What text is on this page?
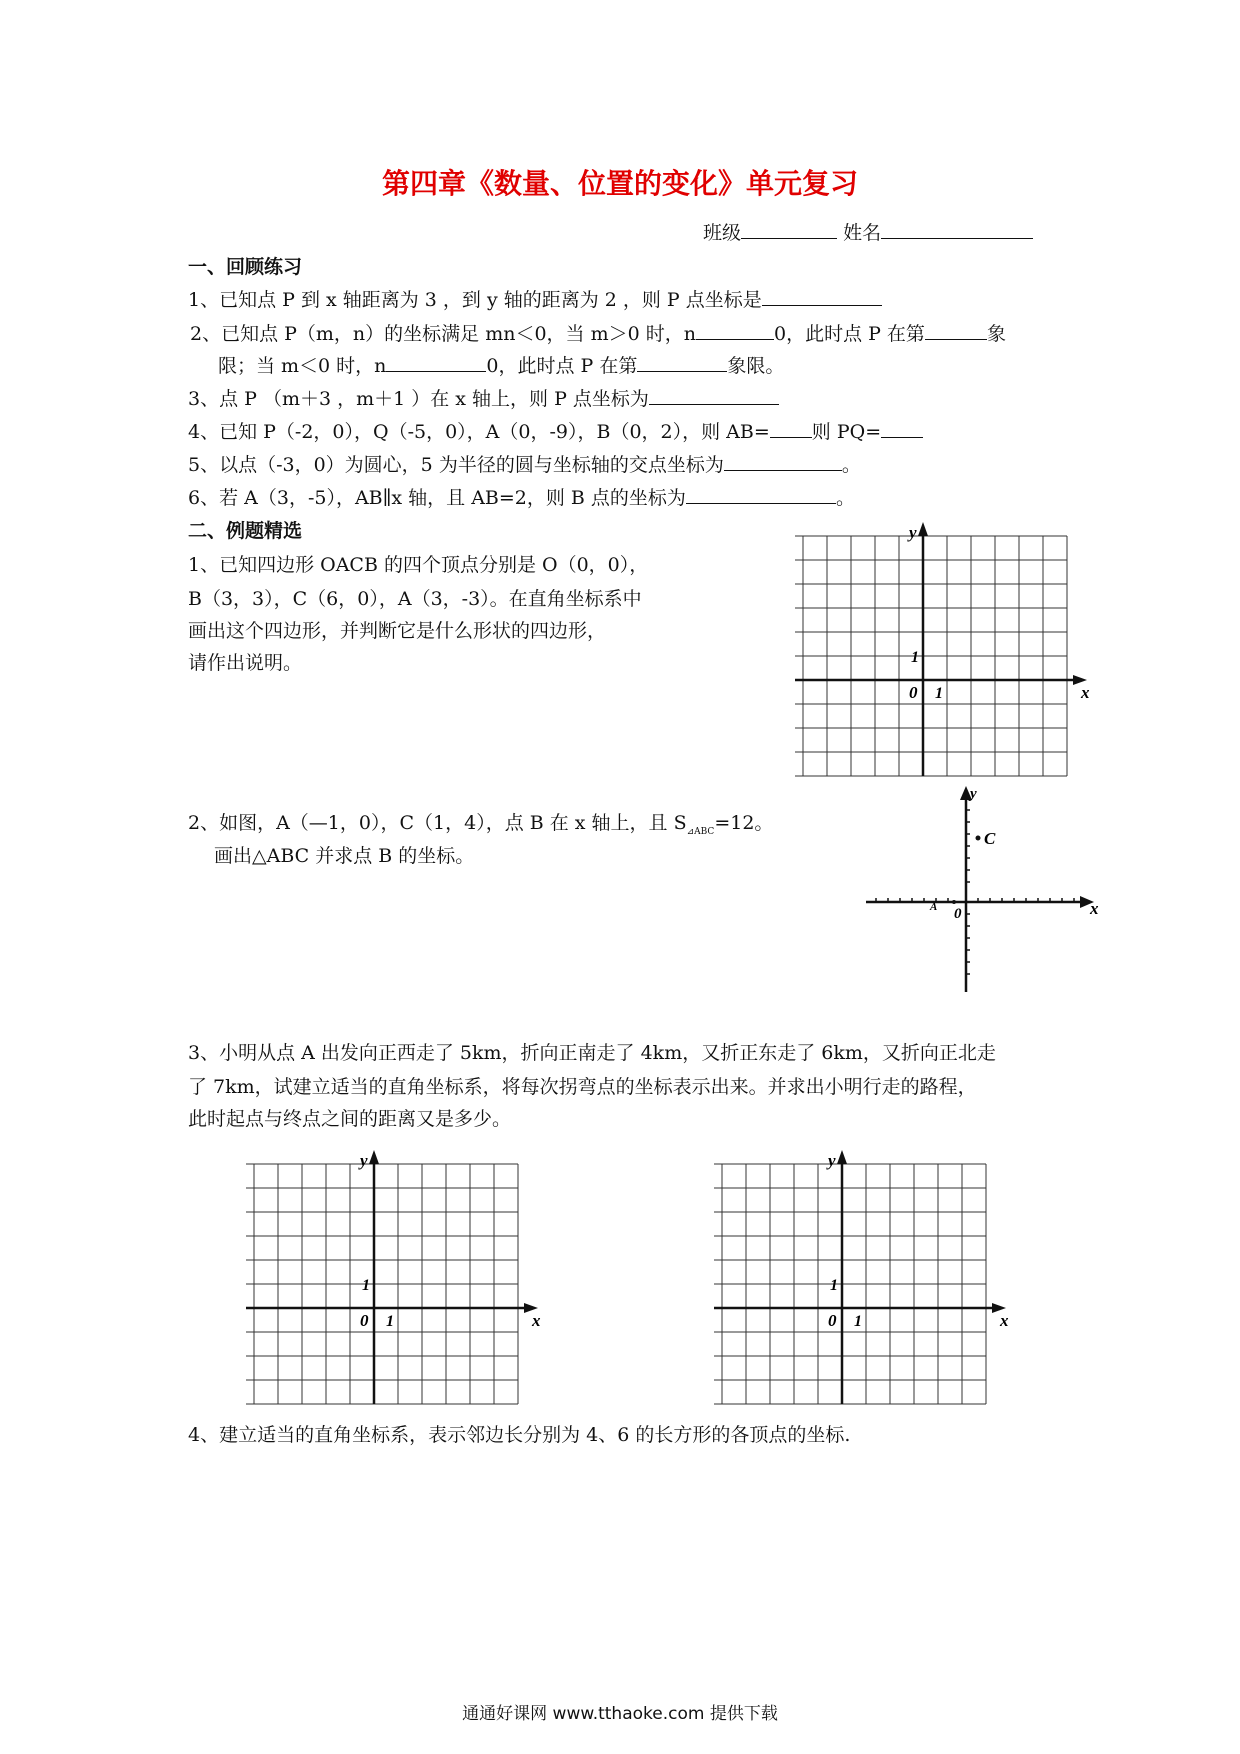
第四章《数量、位置的变化》单元复习
班级	姓名
一、回顾练习
1、已知点 P 到 x 轴距离为 3 ，到 y 轴的距离为 2 ，则 P 点坐标是
2、已知点 P（m，n）的坐标满足 mn＜0，当 m＞0 时，n	0，此时点 P 在第	象
限；当 m＜0 时，n	0，此时点 P 在第	象限。
3、点 P （m＋3 ，m＋1 ）在 x 轴上，则 P 点坐标为
4、已知 P（-2，0），Q（-5，0），A（0，-9），B（0，2），则 AB= 则 PQ=
5、以点（-3，0）为圆心，5 为半径的圆与坐标轴的交点坐标为	。
6、若 A（3，-5），AB∥x 轴，且 AB=2，则 B 点的坐标为	。
二、例题精选
1、已知四边形 OACB 的四个顶点分别是 O（0，0），
B（3，3），C（6，0），A（3，-3）。在直角坐标系中
画出这个四边形，并判断它是什么形状的四边形，
请作出说明。
y
x
0 1
1
2、如图，A（—1，0），C（1，4），点 B 在 x 轴上，且 $S_{⊿ABC}=12$。
画出△ABC 并求点 B 的坐标。
y
x
0
C
A
3、小明从点 A 出发向正西走了 5km，折向正南走了 4km，又折正东走了 6km，又折向正北走
了 7km，试建立适当的直角坐标系，将每次拐弯点的坐标表示出来。并求出小明行走的路程，
此时起点与终点之间的距离又是多少。
y
x
0 1
1
y
x
0 1
1
4、建立适当的直角坐标系，表示邻边长分别为 4、6 的长方形的各顶点的坐标.
通通好课网 www.tthaoke.com 提供下载
